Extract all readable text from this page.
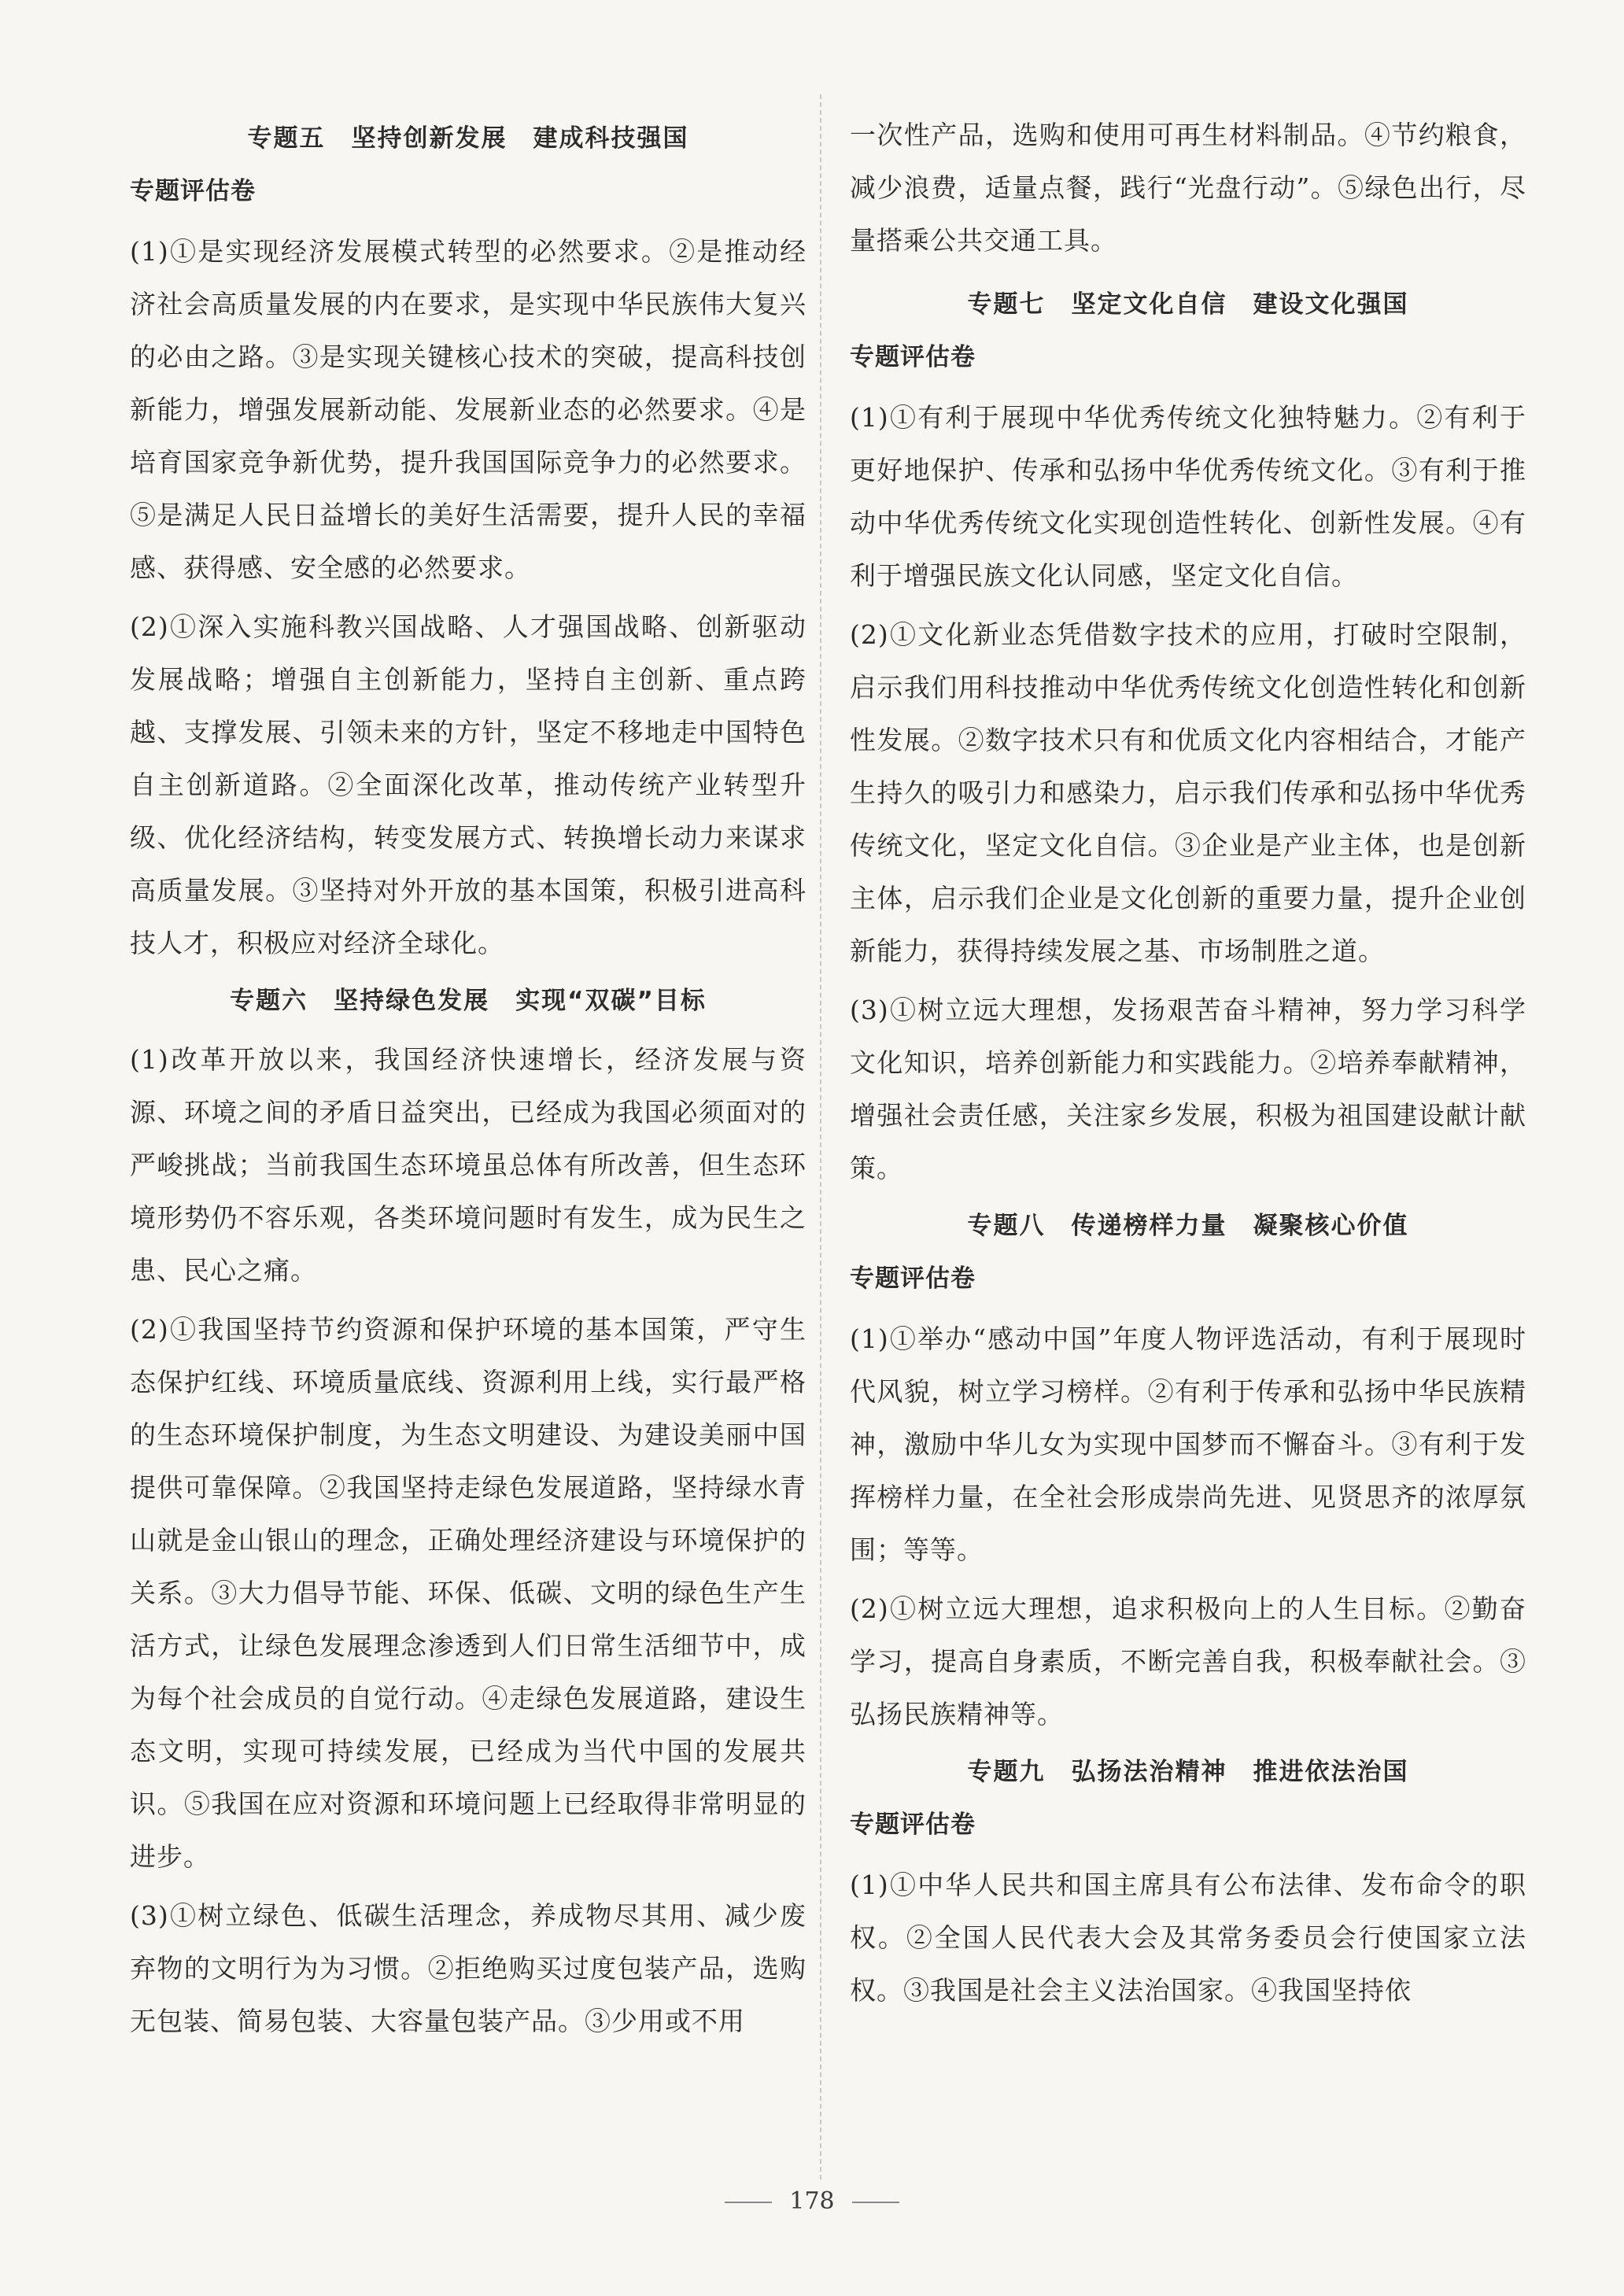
专题五　坚持创新发展　建成科技强国
专题评估卷

(1)①是实现经济发展模式转型的必然要求。②是推动经济社会高质量发展的内在要求，是实现中华民族伟大复兴的必由之路。③是实现关键核心技术的突破，提高科技创新能力，增强发展新动能、发展新业态的必然要求。④是培育国家竞争新优势，提升我国国际竞争力的必然要求。⑤是满足人民日益增长的美好生活需要，提升人民的幸福感、获得感、安全感的必然要求。

(2)①深入实施科教兴国战略、人才强国战略、创新驱动发展战略；增强自主创新能力，坚持自主创新、重点跨越、支撑发展、引领未来的方针，坚定不移地走中国特色自主创新道路。②全面深化改革，推动传统产业转型升级、优化经济结构，转变发展方式、转换增长动力来谋求高质量发展。③坚持对外开放的基本国策，积极引进高科技人才，积极应对经济全球化。

专题六　坚持绿色发展　实现“双碳”目标

(1)改革开放以来，我国经济快速增长，经济发展与资源、环境之间的矛盾日益突出，已经成为我国必须面对的严峻挑战；当前我国生态环境虽总体有所改善，但生态环境形势仍不容乐观，各类环境问题时有发生，成为民生之患、民心之痛。

(2)①我国坚持节约资源和保护环境的基本国策，严守生态保护红线、环境质量底线、资源利用上线，实行最严格的生态环境保护制度，为生态文明建设、为建设美丽中国提供可靠保障。②我国坚持走绿色发展道路，坚持绿水青山就是金山银山的理念，正确处理经济建设与环境保护的关系。③大力倡导节能、环保、低碳、文明的绿色生产生活方式，让绿色发展理念渗透到人们日常生活细节中，成为每个社会成员的自觉行动。④走绿色发展道路，建设生态文明，实现可持续发展，已经成为当代中国的发展共识。⑤我国在应对资源和环境问题上已经取得非常明显的进步。

(3)①树立绿色、低碳生活理念，养成物尽其用、减少废弃物的文明行为为习惯。②拒绝购买过度包装产品，选购无包装、简易包装、大容量包装产品。③少用或不用

一次性产品，选购和使用可再生材料制品。④节约粮食，减少浪费，适量点餐，践行“光盘行动”。⑤绿色出行，尽量搭乘公共交通工具。

专题七　坚定文化自信　建设文化强国
专题评估卷

(1)①有利于展现中华优秀传统文化独特魅力。②有利于更好地保护、传承和弘扬中华优秀传统文化。③有利于推动中华优秀传统文化实现创造性转化、创新性发展。④有利于增强民族文化认同感，坚定文化自信。

(2)①文化新业态凭借数字技术的应用，打破时空限制，启示我们用科技推动中华优秀传统文化创造性转化和创新性发展。②数字技术只有和优质文化内容相结合，才能产生持久的吸引力和感染力，启示我们传承和弘扬中华优秀传统文化，坚定文化自信。③企业是产业主体，也是创新主体，启示我们企业是文化创新的重要力量，提升企业创新能力，获得持续发展之基、市场制胜之道。

(3)①树立远大理想，发扬艰苦奋斗精神，努力学习科学文化知识，培养创新能力和实践能力。②培养奉献精神，增强社会责任感，关注家乡发展，积极为祖国建设献计献策。

专题八　传递榜样力量　凝聚核心价值
专题评估卷

(1)①举办“感动中国”年度人物评选活动，有利于展现时代风貌，树立学习榜样。②有利于传承和弘扬中华民族精神，激励中华儿女为实现中国梦而不懈奋斗。③有利于发挥榜样力量，在全社会形成崇尚先进、见贤思齐的浓厚氛围；等等。

(2)①树立远大理想，追求积极向上的人生目标。②勤奋学习，提高自身素质，不断完善自我，积极奉献社会。③弘扬民族精神等。

专题九　弘扬法治精神　推进依法治国
专题评估卷

(1)①中华人民共和国主席具有公布法律、发布命令的职权。②全国人民代表大会及其常务委员会行使国家立法权。③我国是社会主义法治国家。④我国坚持依

178
